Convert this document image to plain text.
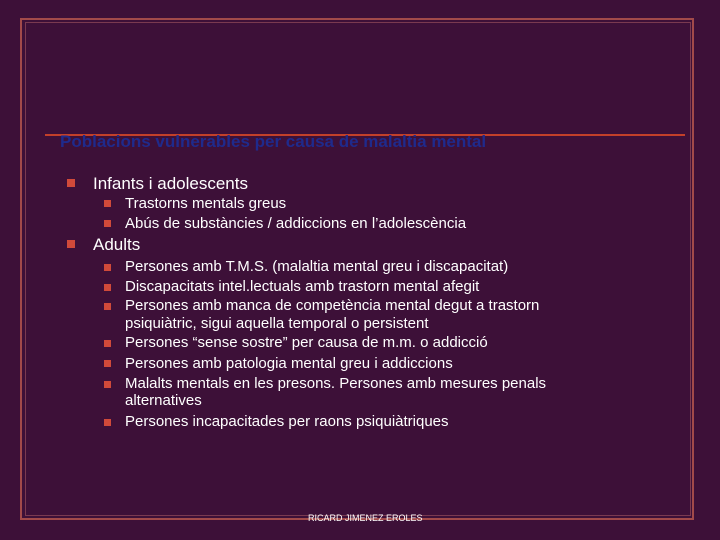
Poblacions vulnerables per causa de malaltia mental
Infants i adolescents
Trastorns mentals greus
Abús de substàncies / addiccions en l’adolescència
Adults
Persones amb T.M.S. (malaltia mental greu i discapacitat)
Discapacitats intel.lectuals amb trastorn mental afegit
Persones amb manca de competència mental degut a trastorn
psiquiàtric, sigui aquella temporal o persistent
Persones “sense sostre” per causa de m.m. o addicció
Persones amb patologia mental greu i addiccions
Malalts mentals en les presons. Persones amb mesures penals
alternatives
Persones incapacitades per raons psiquiàtriques
RICARD JIMENEZ EROLES
